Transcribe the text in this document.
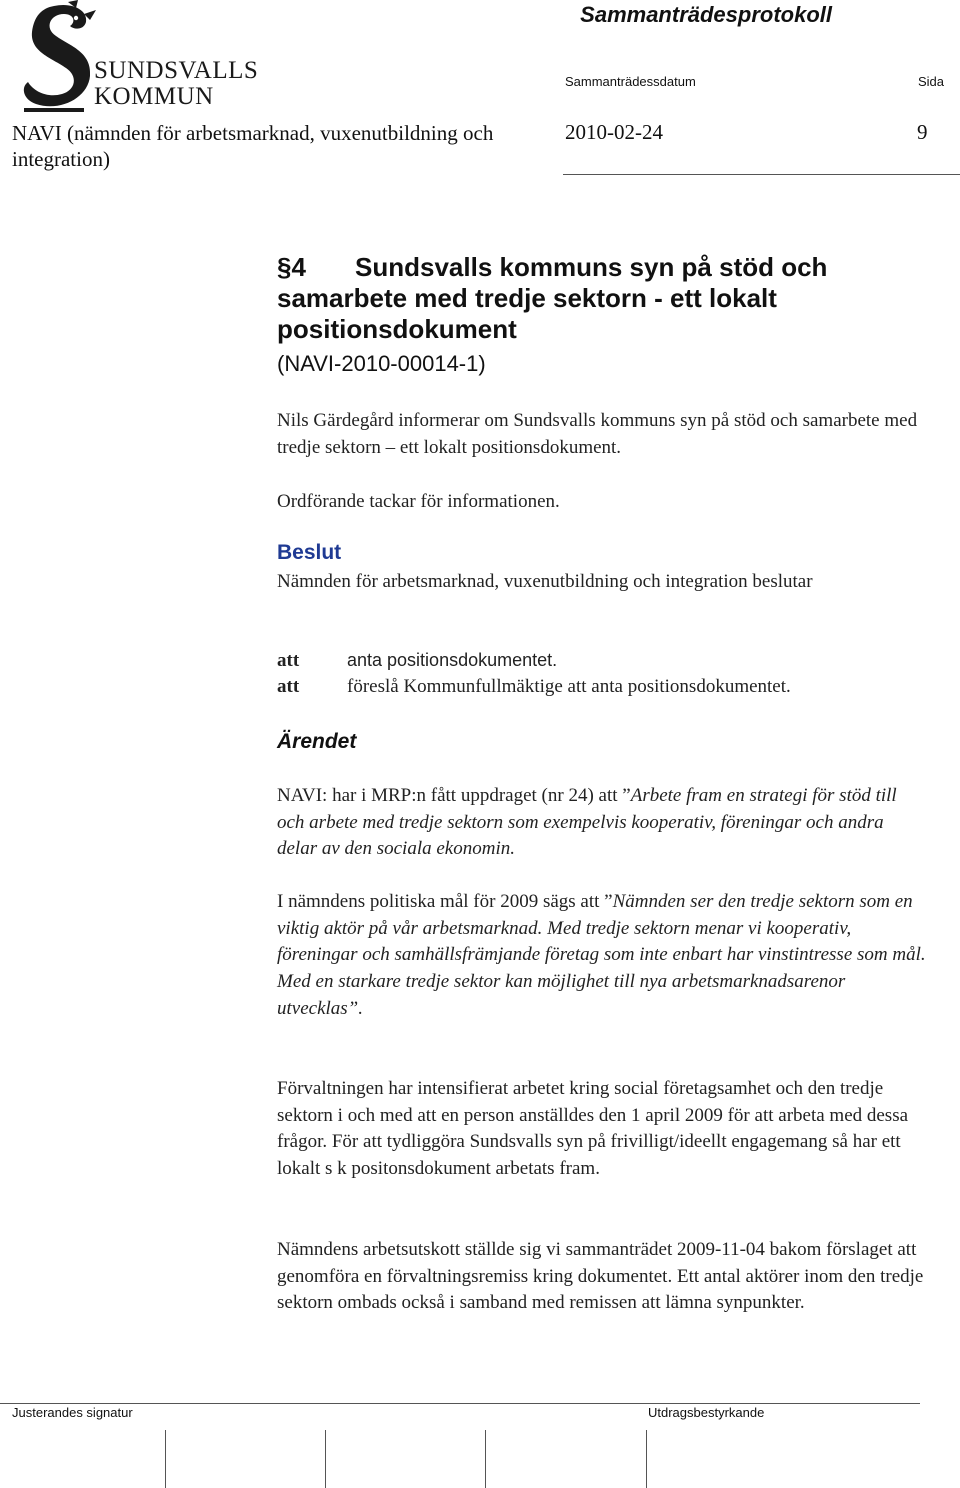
SUNDSVALLS
KOMMUN
Sammanträdesprotokoll
Sammanträdessdatum	Sida
NAVI (nämnden för arbetsmarknad, vuxenutbildning och integration)
2010-02-24	9
§4 Sundsvalls kommuns syn på stöd och samarbete med tredje sektorn - ett lokalt positionsdokument
(NAVI-2010-00014-1)
Nils Gärdegård informerar om Sundsvalls kommuns syn på stöd och samarbete med tredje sektorn – ett lokalt positionsdokument.
Ordförande tackar för informationen.
Beslut
Nämnden för arbetsmarknad, vuxenutbildning och integration beslutar
att	anta positionsdokumentet.
att	föreslå Kommunfullmäktige att anta positionsdokumentet.
Ärendet
NAVI: har i MRP:n fått uppdraget (nr 24) att ”Arbete fram en strategi för stöd till och arbete med tredje sektorn som exempelvis kooperativ, föreningar och andra delar av den sociala ekonomin.
I nämndens politiska mål för 2009 sägs att ”Nämnden ser den tredje sektorn som en viktig aktör på vår arbetsmarknad. Med tredje sektorn menar vi kooperativ, föreningar och samhällsfrämjande företag som inte enbart har vinstintresse som mål. Med en starkare tredje sektor kan möjlighet till nya arbetsmarknadsarenor utvecklas”.
Förvaltningen har intensifierat arbetet kring social företagsamhet och den tredje sektorn i och med att en person anställdes den 1 april 2009 för att arbeta med dessa frågor. För att tydliggöra Sundsvalls syn på frivilligt/ideellt engagemang så har ett lokalt s k positonsdokument arbetats fram.
Nämndens arbetsutskott ställde sig vi sammanträdet 2009-11-04 bakom förslaget att genomföra en förvaltningsremiss kring dokumentet. Ett antal aktörer inom den tredje sektorn ombads också i samband med remissen att lämna synpunkter.
Justerandes signatur	Utdragsbestyrkande
